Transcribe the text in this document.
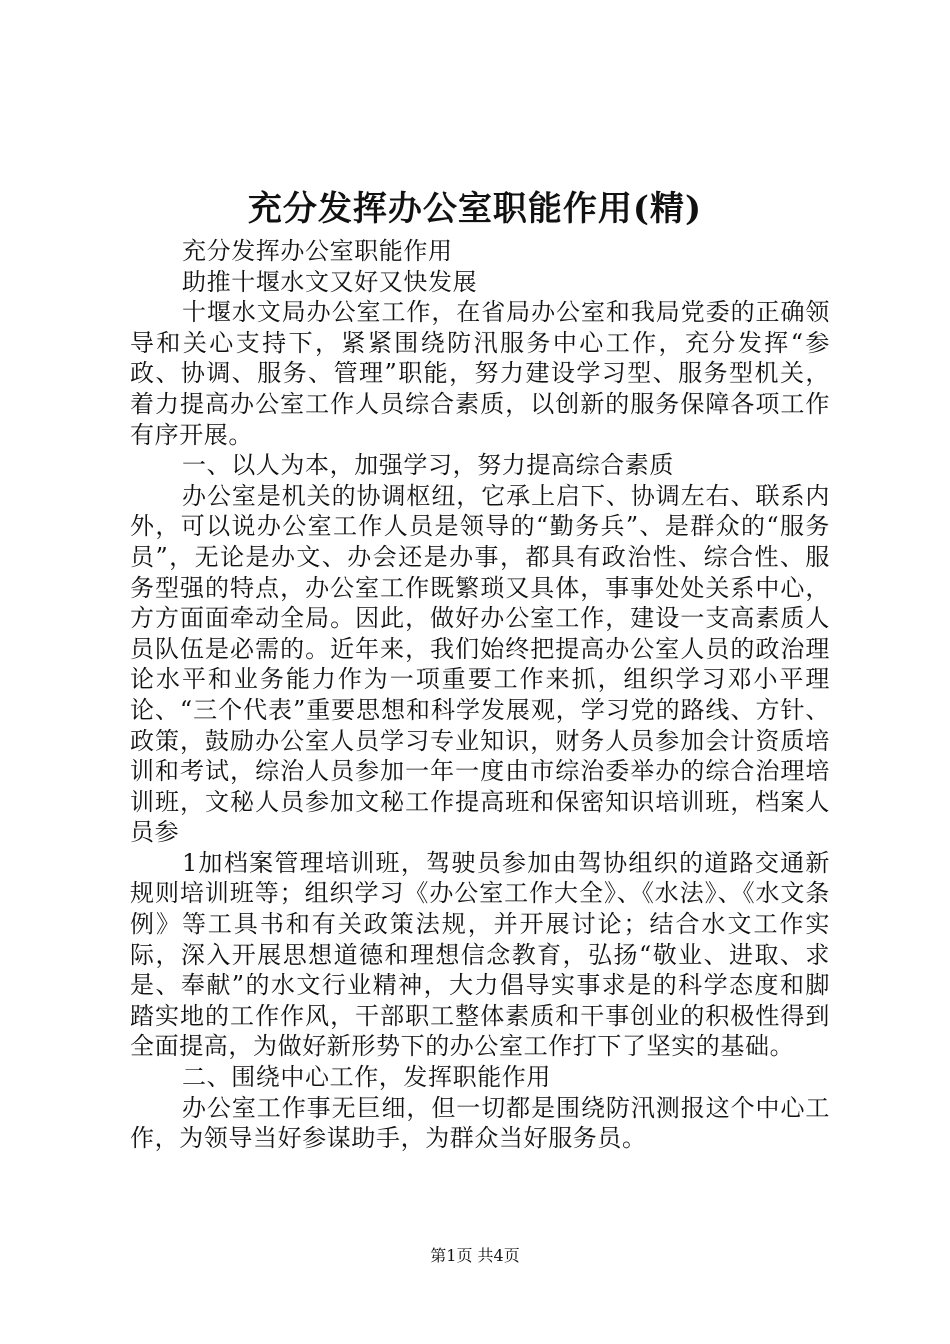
充分发挥办公室职能作用(精)

充分发挥办公室职能作用

助推十堰水文又好又快发展

十堰水文局办公室工作，在省局办公室和我局党委的正确领导和关心支持下，紧紧围绕防汛服务中心工作，充分发挥“参政、协调、服务、管理”职能，努力建设学习型、服务型机关，着力提高办公室工作人员综合素质，以创新的服务保障各项工作有序开展。

一、以人为本，加强学习，努力提高综合素质

办公室是机关的协调枢纽，它承上启下、协调左右、联系内外，可以说办公室工作人员是领导的“勤务兵”、是群众的“服务员”，无论是办文、办会还是办事，都具有政治性、综合性、服务型强的特点，办公室工作既繁琐又具体，事事处处关系中心，方方面面牵动全局。因此，做好办公室工作，建设一支高素质人员队伍是必需的。近年来，我们始终把提高办公室人员的政治理论水平和业务能力作为一项重要工作来抓，组织学习邓小平理论、“三个代表”重要思想和科学发展观，学习党的路线、方针、政策，鼓励办公室人员学习专业知识，财务人员参加会计资质培训和考试，综治人员参加一年一度由市综治委举办的综合治理培训班，文秘人员参加文秘工作提高班和保密知识培训班，档案人员参

1加档案管理培训班，驾驶员参加由驾协组织的道路交通新规则培训班等；组织学习《办公室工作大全》、《水法》、《水文条例》等工具书和有关政策法规，并开展讨论；结合水文工作实际，深入开展思想道德和理想信念教育，弘扬“敬业、进取、求是、奉献”的水文行业精神，大力倡导实事求是的科学态度和脚踏实地的工作作风，干部职工整体素质和干事创业的积极性得到全面提高，为做好新形势下的办公室工作打下了坚实的基础。

二、围绕中心工作，发挥职能作用

办公室工作事无巨细，但一切都是围绕防汛测报这个中心工作，为领导当好参谋助手，为群众当好服务员。

第1页 共4页
